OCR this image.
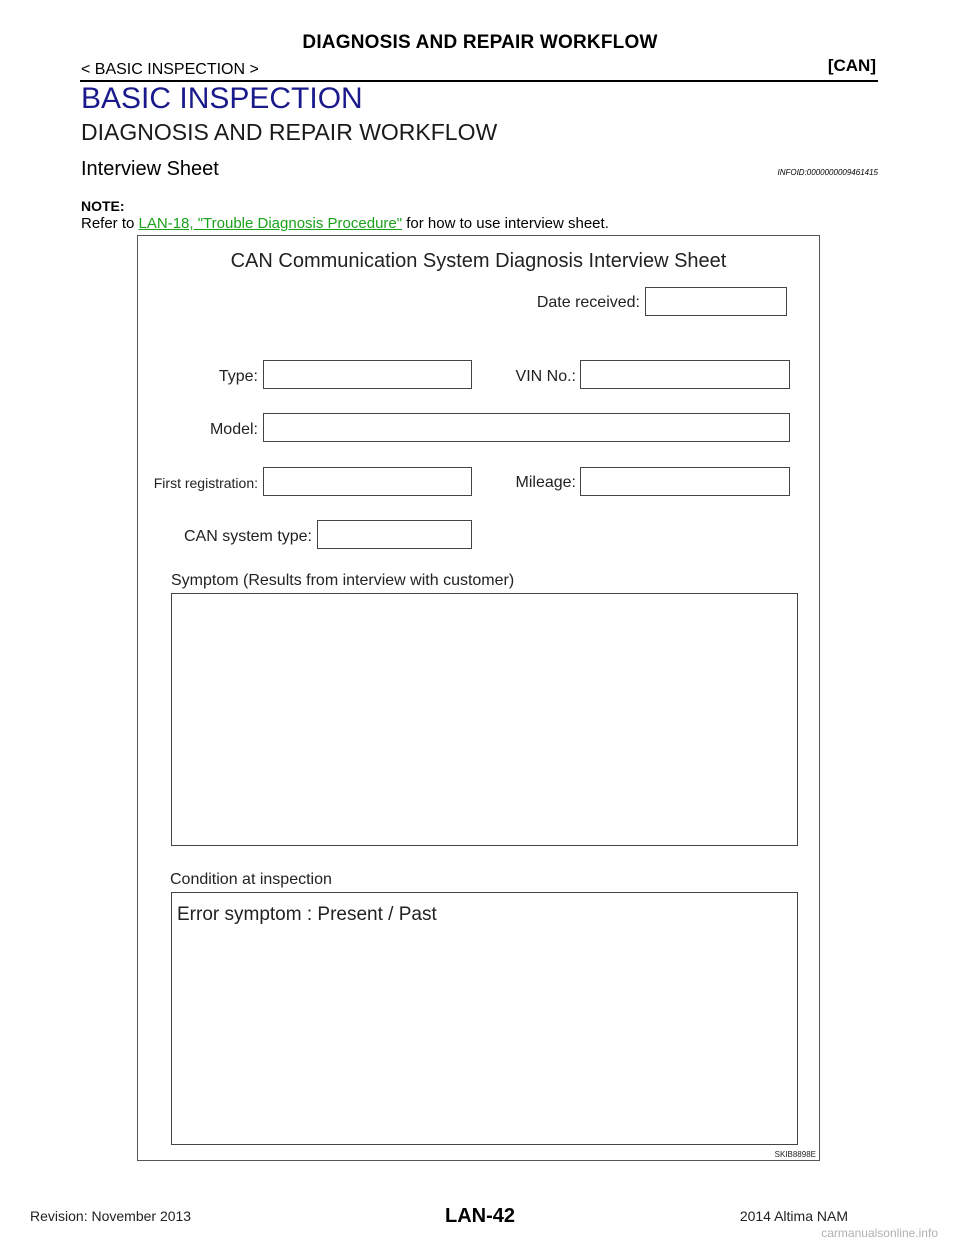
DIAGNOSIS AND REPAIR WORKFLOW
< BASIC INSPECTION >	[CAN]
BASIC INSPECTION
DIAGNOSIS AND REPAIR WORKFLOW
Interview Sheet	INFOID:0000000009461415
NOTE:
Refer to LAN-18, "Trouble Diagnosis Procedure" for how to use interview sheet.
CAN Communication System Diagnosis Interview Sheet
Date received:
Type:	VIN No.:
Model:
First registration:	Mileage:
CAN system type:
Symptom (Results from interview with customer)
Condition at inspection
Error symptom : Present / Past
SKIB8898E
Revision: November 2013	LAN-42	2014 Altima NAM
carmanualsonline.info
